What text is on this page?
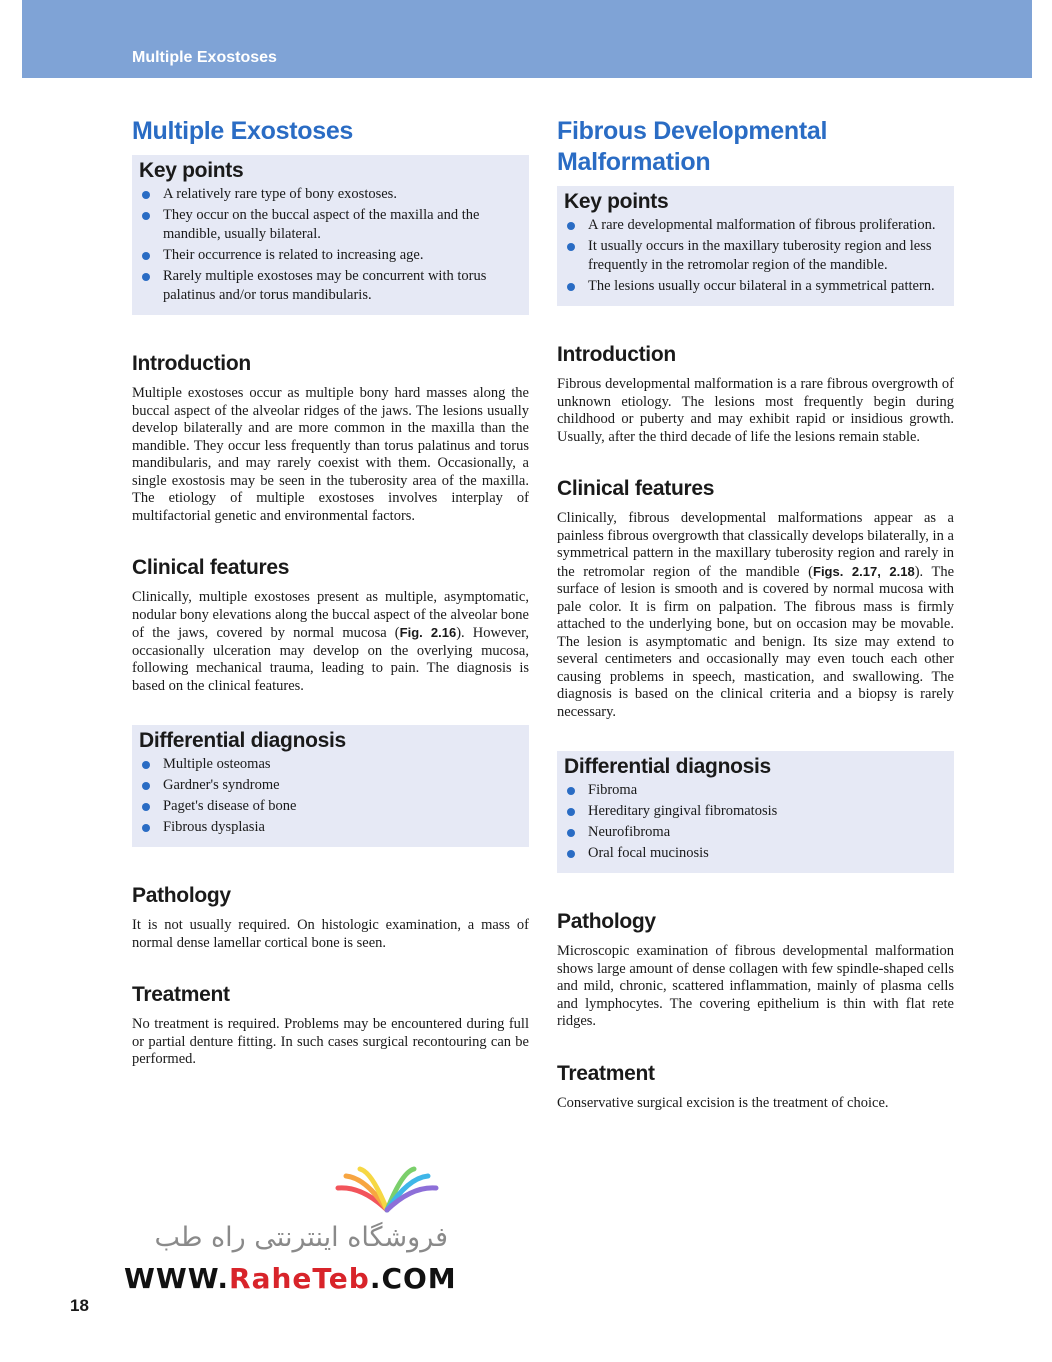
Multiple Exostoses
Multiple Exostoses
Key points
A relatively rare type of bony exostoses.
They occur on the buccal aspect of the maxilla and the mandible, usually bilateral.
Their occurrence is related to increasing age.
Rarely multiple exostoses may be concurrent with torus palatinus and/or torus mandibularis.
Introduction

Multiple exostoses occur as multiple bony hard masses along the buccal aspect of the alveolar ridges of the jaws. The lesions usually develop bilaterally and are more common in the maxilla than the mandible. They occur less frequently than torus palatinus and torus mandibularis, and may rarely coexist with them. Occasionally, a single exostosis may be seen in the tuberosity area of the maxilla. The etiology of multiple exostoses involves interplay of multifactorial genetic and environmental factors.

Clinical features

Clinically, multiple exostoses present as multiple, asymptomatic, nodular bony elevations along the buccal aspect of the alveolar bone of the jaws, covered by normal mucosa (Fig. 2.16). However, occasionally ulceration may develop on the overlying mucosa, following mechanical trauma, leading to pain. The diagnosis is based on the clinical features.

Differential diagnosis
Multiple osteomas
Gardner's syndrome
Paget's disease of bone
Fibrous dysplasia
Pathology

It is not usually required. On histologic examination, a mass of normal dense lamellar cortical bone is seen.

Treatment

No treatment is required. Problems may be encountered during full or partial denture fitting. In such cases surgical recontouring can be performed.

Fibrous Developmental Malformation
Key points
A rare developmental malformation of fibrous proliferation.
It usually occurs in the maxillary tuberosity region and less frequently in the retromolar region of the mandible.
The lesions usually occur bilateral in a symmetrical pattern.
Introduction

Fibrous developmental malformation is a rare fibrous overgrowth of unknown etiology. The lesions most frequently begin during childhood or puberty and may exhibit rapid or insidious growth. Usually, after the third decade of life the lesions remain stable.

Clinical features

Clinically, fibrous developmental malformations appear as a painless fibrous overgrowth that classically develops bilaterally, in a symmetrical pattern in the maxillary tuberosity region and rarely in the retromolar region of the mandible (Figs. 2.17, 2.18). The surface of lesion is smooth and is covered by normal mucosa with pale color. It is firm on palpation. The fibrous mass is firmly attached to the underlying bone, but on occasion may be movable. The lesion is asymptomatic and benign. Its size may extend to several centimeters and occasionally may even touch each other causing problems in speech, mastication, and swallowing. The diagnosis is based on the clinical criteria and a biopsy is rarely necessary.

Differential diagnosis
Fibroma
Hereditary gingival fibromatosis
Neurofibroma
Oral focal mucinosis
Pathology

Microscopic examination of fibrous developmental malformation shows large amount of dense collagen with few spindle-shaped cells and mild, chronic, scattered inflammation, mainly of plasma cells and lymphocytes. The covering epithelium is thin with flat rete ridges.

Treatment

Conservative surgical excision is the treatment of choice.

فروشگاه اینترنتی راه طب
WWW.RaheTeb.COM
18
